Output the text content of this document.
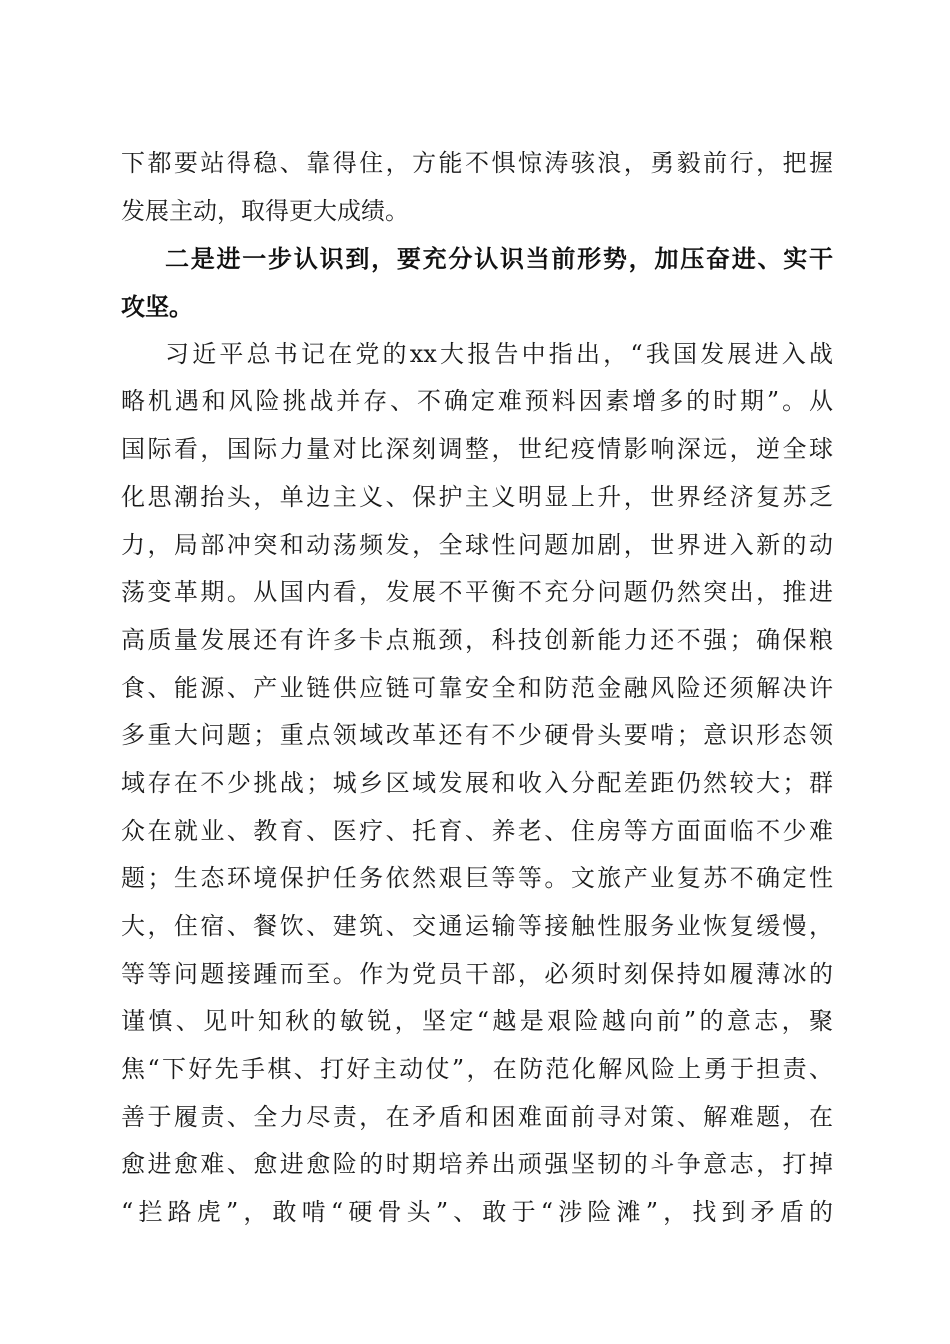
下都要站得稳、靠得住，方能不惧惊涛骇浪，勇毅前行，把握
发展主动，取得更大成绩。
二是进一步认识到，要充分认识当前形势，加压奋进、实干
攻坚。
习近平总书记在党的xx大报告中指出，“我国发展进入战
略机遇和风险挑战并存、不确定难预料因素增多的时期”。从
国际看，国际力量对比深刻调整，世纪疫情影响深远，逆全球
化思潮抬头，单边主义、保护主义明显上升，世界经济复苏乏
力，局部冲突和动荡频发，全球性问题加剧，世界进入新的动
荡变革期。从国内看，发展不平衡不充分问题仍然突出，推进
高质量发展还有许多卡点瓶颈，科技创新能力还不强；确保粮
食、能源、产业链供应链可靠安全和防范金融风险还须解决许
多重大问题；重点领域改革还有不少硬骨头要啃；意识形态领
域存在不少挑战；城乡区域发展和收入分配差距仍然较大；群
众在就业、教育、医疗、托育、养老、住房等方面面临不少难
题；生态环境保护任务依然艰巨等等。文旅产业复苏不确定性
大，住宿、餐饮、建筑、交通运输等接触性服务业恢复缓慢，
等等问题接踵而至。作为党员干部，必须时刻保持如履薄冰的
谨慎、见叶知秋的敏锐，坚定“越是艰险越向前”的意志，聚
焦“下好先手棋、打好主动仗”，在防范化解风险上勇于担责、
善于履责、全力尽责，在矛盾和困难面前寻对策、解难题，在
愈进愈难、愈进愈险的时期培养出顽强坚韧的斗争意志，打掉
“拦路虎”，敢啃“硬骨头”、敢于“涉险滩”，找到矛盾的
